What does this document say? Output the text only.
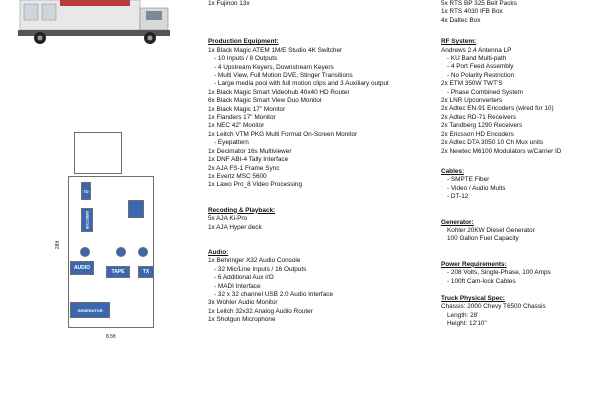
TD
DIRECTOR
AUDIO
TAPE	TX
GENERATOR
28ft
8.5ft
1x Fujinon 13x
Production Equipment:
1x Black Magic ATEM 1M/E Studio 4K Switcher
- 10 Inputs / 8 Outputs
- 4 Upstream Keyers, Downstream Keyers
- Multi View, Full Motion DVE, Stinger Transitions
- Large media pool with full motion clips and 3 Auxiliary output
1x Black Magic Smart Videohub 40x40 HD Router
6x Black Magic Smart View Duo Monitor
1x Black Magic 17" Monitor
1x Flanders 17" Monitor
1x NEC 42" Monitor
1x Leitch VTM PKG Multi Format On-Screen Monitor
- Eyepattern
1x Decimator 16s Multiviewer
1x DNF ABI-4 Tally Interface
2x AJA FS-1 Frame Sync
1x Evertz MSC 5600
1x Lawo Pro_8 Video Processing
Recoding & Playback:
5x AJA Ki-Pro
1x AJA Hyper deck
Audio:
1x Behringer X32 Audio Console
- 32 Mic/Line Inputs / 16 Outputs
- 6 Additional Aux I/O
- MADI Interface
- 32 x 32 channel USB 2.0 Audio Interface
3x Wohler Audio Monitor
1x Leitch 32x32 Analog Audio Router
1x Shotgun Microphone
5x RTS BP 325 Belt Packs
1x RTS 4030 IFB Box
4x Daltec Box
RF System:
Andrews 2.4 Antenna LP
- KU Band Multi-path
- 4 Port Feed Assembly
- No Polarity Restriction
2x ETM 350W TWT'S
- Phase Combined System
2x LNR Upconverters
2x Adtec EN-91 Encoders (wired for 10)
2x Adtec RD-71 Receivers
2x Tandberg 1290 Receivers
2x Ericsson HD Encoders
2x Adtec DTA 3050 10 Ch Mux units
2x Newtec M6100 Modulators w/Carrier ID
Cables:
- SMPTE Fiber
- Video / Audio Mults
- DT-12
Generator:
Kohler 20KW Diesel Generator
100 Gallon Fuel Capacity
Power Requirements:
- 208 Volts, Single-Phase, 100 Amps
- 100ft Cam-lock Cables
Truck Physical Spec:
Chassis: 2000 Chevy T6500 Chassis
Length: 28'
Height: 12'10"
